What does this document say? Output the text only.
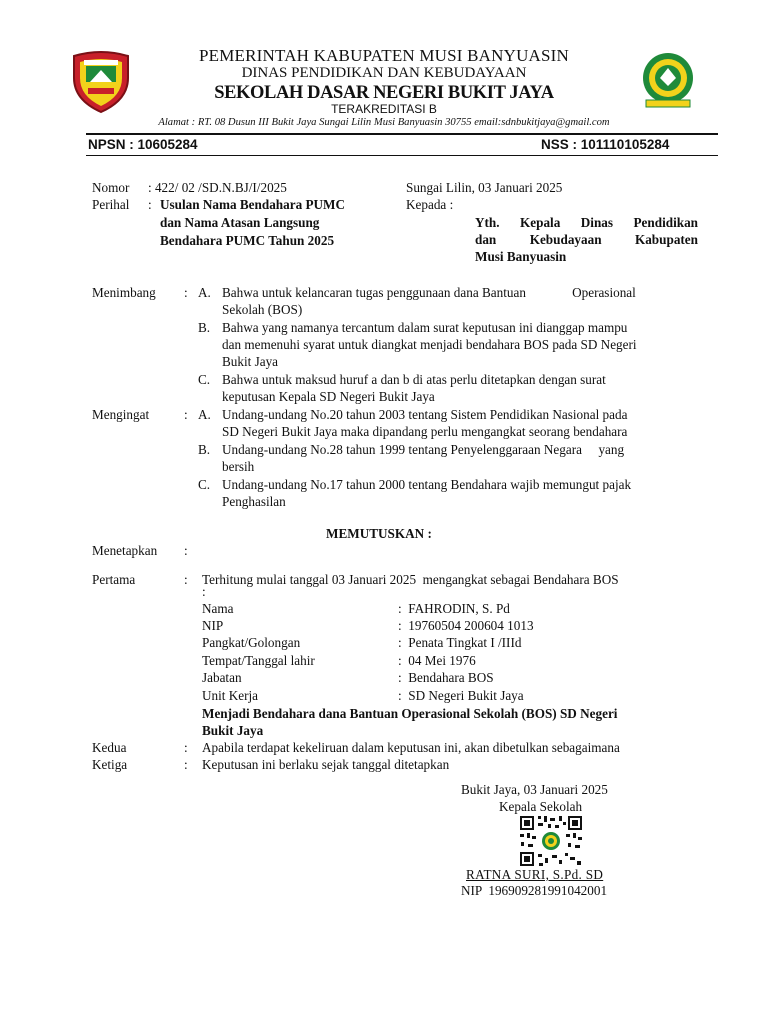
PEMERINTAH KABUPATEN MUSI BANYUASIN
DINAS PENDIDIKAN DAN KEBUDAYAAN
SEKOLAH DASAR NEGERI BUKIT JAYA
TERAKREDITASI B
Alamat : RT. 08 Dusun III Bukit Jaya Sungai Lilin Musi Banyuasin 30755 email:sdnbukitjaya@gmail.com
NPSN : 10605284	NSS : 101110105284
Nomor : 422/ 02 /SD.N.BJ/I/2025
Perihal : Usulan Nama Bendahara PUMC
dan Nama Atasan Langsung
Bendahara PUMC Tahun 2025
Sungai Lilin, 03 Januari 2025
Kepada :
Yth. Kepala Dinas Pendidikan
dan Kebudayaan Kabupaten
Musi Banyuasin
Menimbang : A. Bahwa untuk kelancaran tugas penggunaan dana Bantuan              Operasional
Sekolah (BOS)
B. Bahwa yang namanya tercantum dalam surat keputusan ini dianggap mampu
dan memenuhi syarat untuk diangkat menjadi bendahara BOS pada SD Negeri
Bukit Jaya
C. Bahwa untuk maksud huruf a dan b di atas perlu ditetapkan dengan surat
keputusan Kepala SD Negeri Bukit Jaya
Mengingat	: A. Undang-undang No.20 tahun 2003 tentang Sistem Pendidikan Nasional pada
SD Negeri Bukit Jaya maka dipandang perlu mengangkat seorang bendahara
B. Undang-undang No.28 tahun 1999 tentang Penyelenggaraan Negara     yang
bersih
C. Undang-undang No.17 tahun 2000 tentang Bendahara wajib memungut pajak
Penghasilan
MEMUTUSKAN :
Menetapkan :
Pertama	: Terhitung mulai tanggal 03 Januari 2025  mengangkat sebagai Bendahara BOS
:
Nama	:  FAHRODIN, S. Pd
NIP	:  19760504 200604 1013
Pangkat/Golongan	:  Penata Tingkat I /IIId
Tempat/Tanggal lahir	:  04 Mei 1976
Jabatan	:  Bendahara BOS
Unit Kerja	:  SD Negeri Bukit Jaya
Menjadi Bendahara dana Bantuan Operasional Sekolah (BOS) SD Negeri
Bukit Jaya
Kedua	: Apabila terdapat kekeliruan dalam keputusan ini, akan dibetulkan sebagaimana
Ketiga	: Keputusan ini berlaku sejak tanggal ditetapkan
Bukit Jaya, 03 Januari 2025
Kepala Sekolah
RATNA SURI, S.Pd. SD
NIP  196909281991042001
